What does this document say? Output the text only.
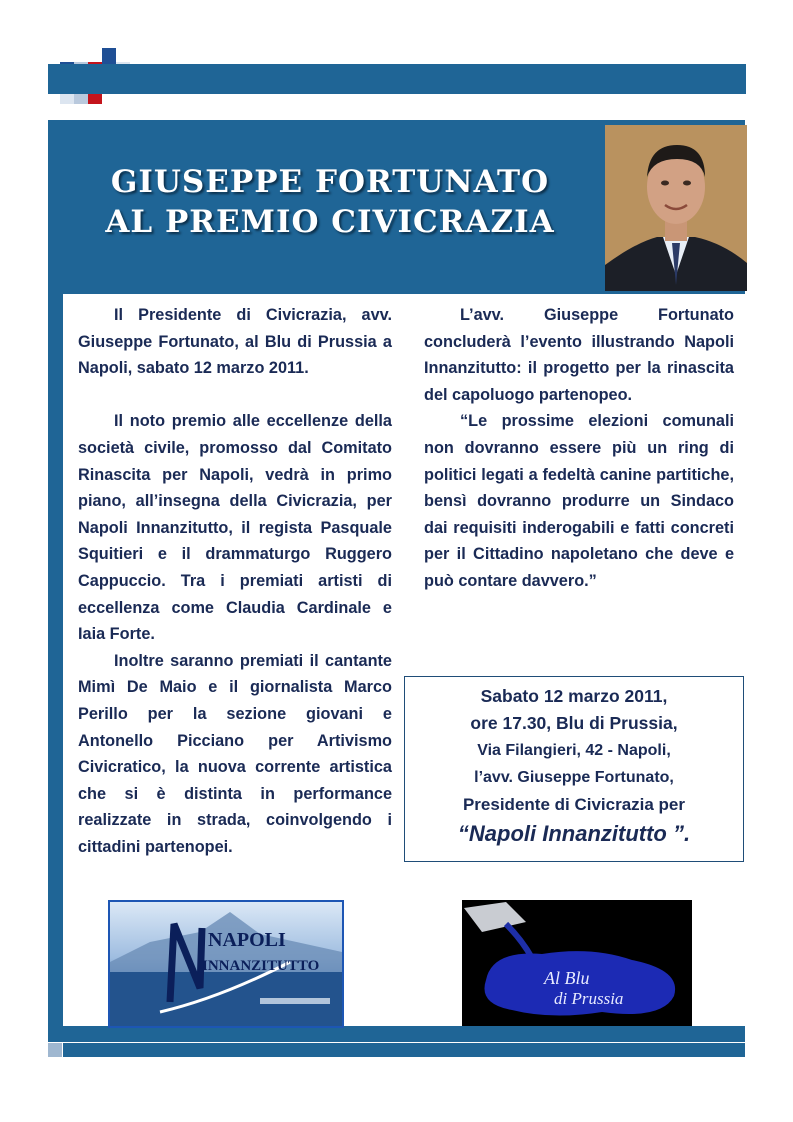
GIUSEPPE FORTUNATO
AL PREMIO CIVICRAZIA

Il Presidente di Civicrazia, avv. Giuseppe Fortunato, al Blu di Prussia a Napoli, sabato 12 marzo 2011.

Il noto premio alle eccellenze della società civile, promosso dal Comitato Rinascita per Napoli, vedrà in primo piano, all’insegna della Civicrazia, per Napoli Innanzitutto, il regista Pasquale Squitieri e il drammaturgo Ruggero Cappuccio. Tra i premiati artisti di eccellenza come Claudia Cardinale e Iaia Forte.

Inoltre saranno premiati il cantante Mimì De Maio e il giornalista Marco Perillo per la sezione giovani e Antonello Picciano per Artivismo Civicratico, la nuova corrente artistica che si è distinta in performance realizzate in strada, coinvolgendo i cittadini partenopei.

L’avv. Giuseppe Fortunato concluderà l’evento illustrando Napoli Innanzitutto: il progetto per la rinascita del capoluogo partenopeo.

“Le prossime elezioni comunali non dovranno essere più un ring di politici legati a fedeltà canine partitiche, bensì dovranno produrre un Sindaco dai requisiti inderogabili e fatti concreti per il Cittadino napoletano che deve e può contare davvero.”

Sabato 12 marzo 2011,
ore 17.30, Blu di Prussia,
Via Filangieri, 42 - Napoli,
l’avv. Giuseppe Fortunato,
Presidente di Civicrazia per
“Napoli Innanzitutto ”.
NAPOLI
INNANZITUTTO
Al Blu
di Prussia
